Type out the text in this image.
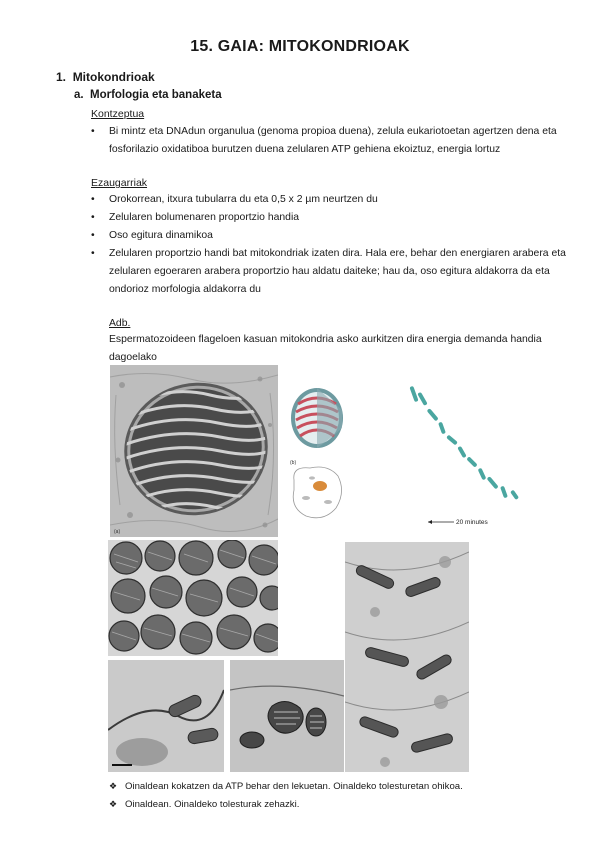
15. GAIA: MITOKONDRIOAK
1. Mitokondrioak
a. Morfologia eta banaketa
Kontzeptua
• Bi mintz eta DNAdun organulua (genoma propioa duena), zelula eukariotoetan agertzen dena eta fosforilazio oxidatiboa burutzen duena zelularen ATP gehiena ekoiztuz, energia lortuz
Ezaugarriak
• Orokorrean, itxura tubularra du eta 0,5 x 2 µm neurtzen du
• Zelularen bolumenaren proportzio handia
• Oso egitura dinamikoa
• Zelularen proportzio handi bat mitokondriak izaten dira. Hala ere, behar den energiaren arabera eta zelularen egoeraren arabera proportzio hau aldatu daiteke; hau da, oso egitura aldakorra da eta ondorioz morfologia aldakorra du
Adb.
Espermatozoideen flageloen kasuan mitokondria asko aurkitzen dira energia demanda handia dagoelako
(a)
(b)
20 minutes
❖ Oinaldean kokatzen da ATP behar den lekuetan. Oinaldeko tolesturetan ohikoa.
❖ Oinaldean. Oinaldeko tolesturak zehazki.
